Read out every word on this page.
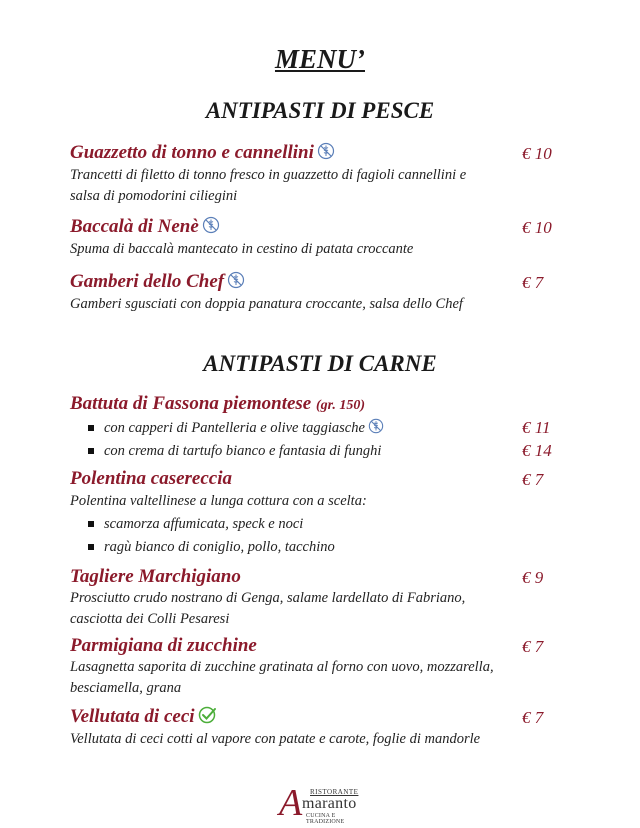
MENU’
ANTIPASTI DI PESCE
Guazzetto di tonno e cannellini	€ 10
Trancetti di filetto di tonno fresco in guazzetto di fagioli cannellini e
salsa di pomodorini ciliegini
Baccalà di Nenè	€ 10
Spuma di baccalà mantecato in cestino di patata croccante
Gamberi dello Chef	€ 7
Gamberi sgusciati con doppia panatura croccante, salsa dello Chef
ANTIPASTI DI CARNE
Battuta di Fassona piemontese (gr. 150)
con capperi di Pantelleria e olive taggiasche	€ 11
con crema di tartufo bianco e fantasia di funghi	€ 14
Polentina casereccia	€ 7
Polentina valtellinese a lunga cottura con a scelta:
scamorza affumicata, speck e noci
ragù bianco di coniglio, pollo, tacchino
Tagliere Marchigiano	€ 9
Prosciutto crudo nostrano di Genga, salame lardellato di Fabriano,
casciotta dei Colli Pesaresi
Parmigiana di zucchine	€ 7
Lasagnetta saporita di zucchine gratinata al forno con uovo, mozzarella,
besciamella, grana
Vellutata di ceci	€ 7
Vellutata di ceci cotti al vapore con patate e carote, foglie di mandorle
A RISTORANTE
maranto
CUCINA E TRADIZIONE
